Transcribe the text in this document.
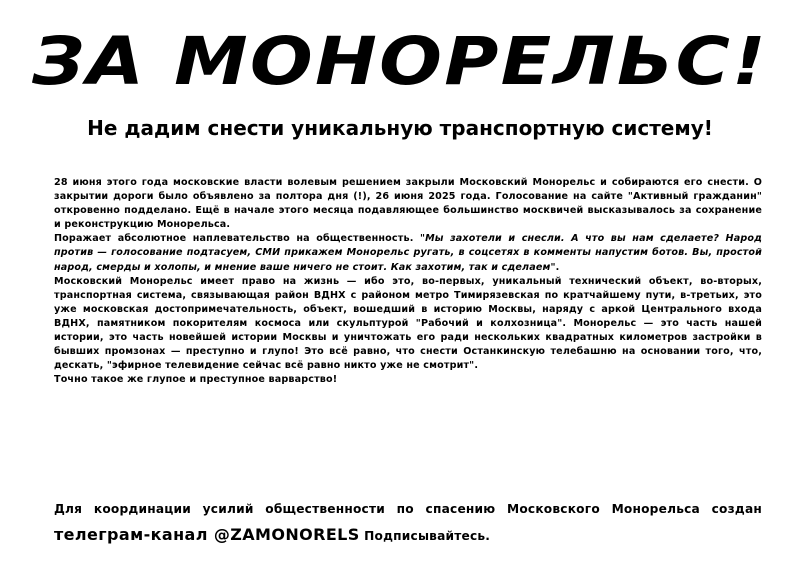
ЗА МОНОРЕЛЬС!
Не дадим снести уникальную транспортную систему!

28 июня этого года московские власти волевым решением закрыли Московский Монорельс и собираются его снести. О закрытии дороги было объявлено за полтора дня (!), 26 июня 2025 года. Голосование на сайте "Активный гражданин" откровенно подделано. Ещё в начале этого месяца подавляющее большинство москвичей высказывалось за сохранение и реконструкцию Монорельса.

Поражает абсолютное наплевательство на общественность. "Мы захотели и снесли. А что вы нам сделаете? Народ против — голосование подтасуем, СМИ прикажем Монорельс ругать, в соцсетях в комменты напустим ботов. Вы, простой народ, смерды и холопы, и мнение ваше ничего не стоит. Как захотим, так и сделаем".

Московский Монорельс имеет право на жизнь — ибо это, во-первых, уникальный технический объект, во-вторых, транспортная система, связывающая район ВДНХ с районом метро Тимирязевская по кратчайшему пути, в-третьих, это уже московская достопримечательность, объект, вошедший в историю Москвы, наряду с аркой Центрального входа ВДНХ, памятником покорителям космоса или скульптурой "Рабочий и колхозница". Монорельс — это часть нашей истории, это часть новейшей истории Москвы и уничтожать его ради нескольких квадратных километров застройки в бывших промзонах — преступно и глупо! Это всё равно, что снести Останкинскую телебашню на основании того, что, дескать, "эфирное телевидение сейчас всё равно никто уже не смотрит".

Точно такое же глупое и преступное варварство!

Для координации усилий общественности по спасению Московского Монорельса создан телеграм-канал @ZAMONORELS Подписывайтесь.
